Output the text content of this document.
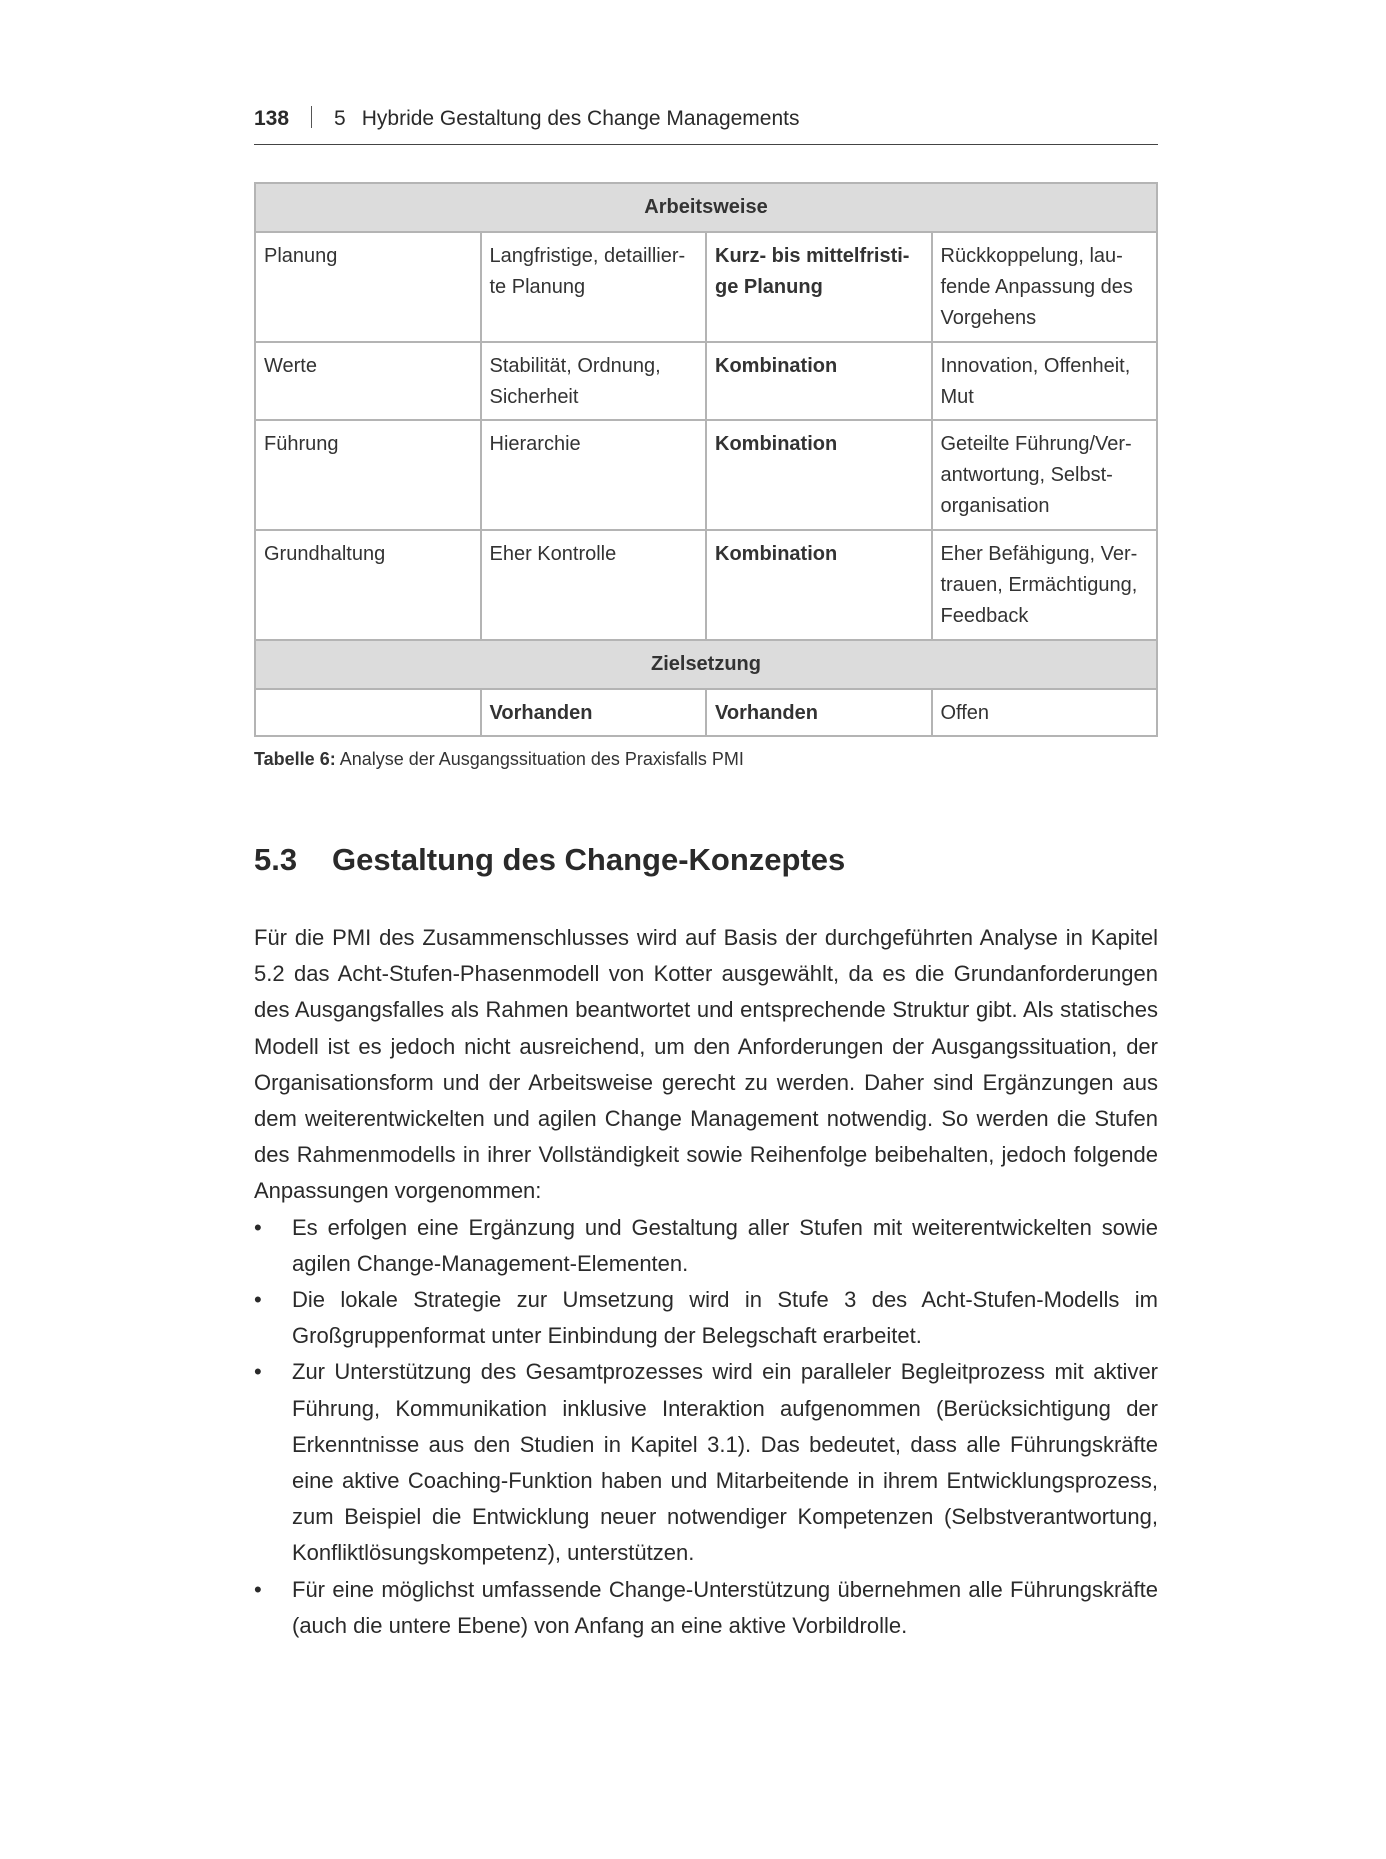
138 5 Hybride Gestaltung des Change Managements
Arbeitsweise			
Planung	Langfristige, detaillier-te Planung	Kurz- bis mittelfristi-ge Planung	Rückkoppelung, lau-fende Anpassung des Vorgehens
Werte	Stabilität, Ordnung, Sicherheit	Kombination	Innovation, Offenheit, Mut
Führung	Hierarchie	Kombination	Geteilte Führung/Ver-antwortung, Selbst-organisation
Grundhaltung	Eher Kontrolle	Kombination	Eher Befähigung, Ver-trauen, Ermächtigung, Feedback
Zielsetzung			
	Vorhanden	Vorhanden	Offen
Tabelle 6: Analyse der Ausgangssituation des Praxisfalls PMI
5.3 Gestaltung des Change-Konzeptes

Für die PMI des Zusammenschlusses wird auf Basis der durchgeführten Analyse in Kapitel 5.2 das Acht-Stufen-Phasenmodell von Kotter ausgewählt, da es die Grundanforderungen des Ausgangsfalles als Rahmen beantwortet und entsprechende Struktur gibt. Als statisches Modell ist es jedoch nicht ausreichend, um den Anforderungen der Ausgangssituation, der Organisationsform und der Arbeitsweise gerecht zu werden. Daher sind Ergänzungen aus dem weiterentwickelten und agilen Change Management notwendig. So werden die Stufen des Rahmenmodells in ihrer Vollständigkeit sowie Reihenfolge beibehalten, jedoch folgende Anpassungen vorgenommen:

• Es erfolgen eine Ergänzung und Gestaltung aller Stufen mit weiterentwickelten sowie agilen Change-Management-Elementen.
• Die lokale Strategie zur Umsetzung wird in Stufe 3 des Acht-Stufen-Modells im Großgruppenformat unter Einbindung der Belegschaft erarbeitet.
• Zur Unterstützung des Gesamtprozesses wird ein paralleler Begleitprozess mit aktiver Führung, Kommunikation inklusive Interaktion aufgenommen (Berücksichtigung der Erkenntnisse aus den Studien in Kapitel 3.1). Das bedeutet, dass alle Führungskräfte eine aktive Coaching-Funktion haben und Mitarbeitende in ihrem Entwicklungsprozess, zum Beispiel die Entwicklung neuer notwendiger Kompetenzen (Selbstverantwortung, Konfliktlösungskompetenz), unterstützen.
• Für eine möglichst umfassende Change-Unterstützung übernehmen alle Führungskräfte (auch die untere Ebene) von Anfang an eine aktive Vorbildrolle.
